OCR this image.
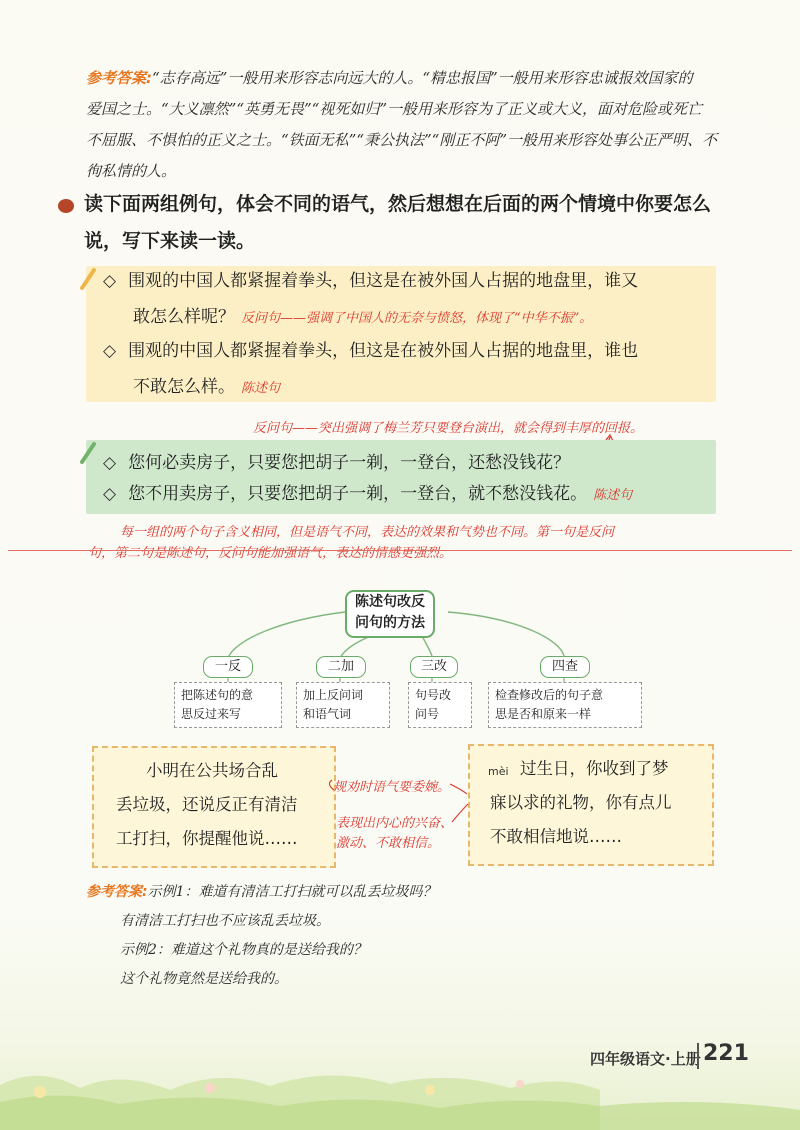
参考答案:“志存高远”一般用来形容志向远大的人。“精忠报国”一般用来形容忠诚报效国家的

爱国之士。“大义凛然”“英勇无畏”“视死如归”一般用来形容为了正义或大义，面对危险或死亡

不屈服、不惧怕的正义之士。“铁面无私”“秉公执法”“刚正不阿”一般用来形容处事公正严明、不

徇私情的人。

读下面两组例句，体会不同的语气，然后想想在后面的两个情境中你要怎么
说，写下来读一读。
◇ 围观的中国人都紧握着拳头，但这是在被外国人占据的地盘里，谁又
敢怎么样呢？ 反问句——强调了中国人的无奈与愤怒，体现了“中华不振”。
◇ 围观的中国人都紧握着拳头，但这是在被外国人占据的地盘里，谁也
不敢怎么样。 陈述句
反问句——突出强调了梅兰芳只要登台演出，就会得到丰厚的回报。
◇ 您何必卖房子，只要您把胡子一剃，一登台，还愁没钱花？
◇ 您不用卖房子，只要您把胡子一剃，一登台，就不愁没钱花。 陈述句
每一组的两个句子含义相同，但是语气不同，表达的效果和气势也不同。第一句是反问
句，第二句是陈述句，反问句能加强语气，表达的情感更强烈。
陈述句改反
问句的方法
一反	二加	三改	四查
把陈述句的意
思反过来写
加上反问词
和语气词
句号改
问号
检查修改后的句子意
思是否和原来一样
小明在公共场合乱
丢垃圾，还说反正有清洁
工打扫，你提醒他说……
过生日，你收到了梦
mèi
寐以求的礼物，你有点儿
不敢相信地说……
规劝时语气要委婉。
表现出内心的兴奋、
激动、不敢相信。
参考答案:示例1：难道有清洁工打扫就可以乱丢垃圾吗？
有清洁工打扫也不应该乱丢垃圾。
示例2：难道这个礼物真的是送给我的？
这个礼物竟然是送给我的。
四年级语文·上册 221
